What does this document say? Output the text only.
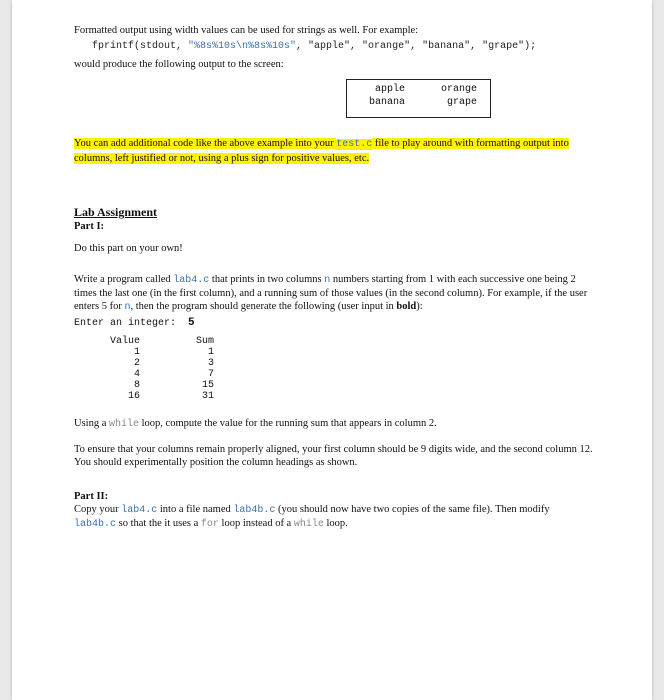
Formatted output using width values can be used for strings as well. For example:
fprintf(stdout, "%8s%10s\n%8s%10s", "apple", "orange", "banana", "grape");
would produce the following output to the screen:
apple	orange
banana	grape
You can add additional code like the above example into your test.c file to play around with formatting output into
columns, left justified or not, using a plus sign for positive values, etc.
Lab Assignment
Part I:
Do this part on your own!
Write a program called lab4.c that prints in two columns n numbers starting from 1 with each successive one being 2
times the last one (in the first column), and a running sum of those values (in the second column). For example, if the user
enters 5 for n, then the program should generate the following (user input in bold):
Enter an integer: 5
Value	Sum
1	1
2	3
4	7
8	15
16	31
Using a while loop, compute the value for the running sum that appears in column 2.
To ensure that your columns remain properly aligned, your first column should be 9 digits wide, and the second column 12.
You should experimentally position the column headings as shown.
Part II:
Copy your lab4.c into a file named lab4b.c (you should now have two copies of the same file). Then modify
lab4b.c so that the it uses a for loop instead of a while loop.
